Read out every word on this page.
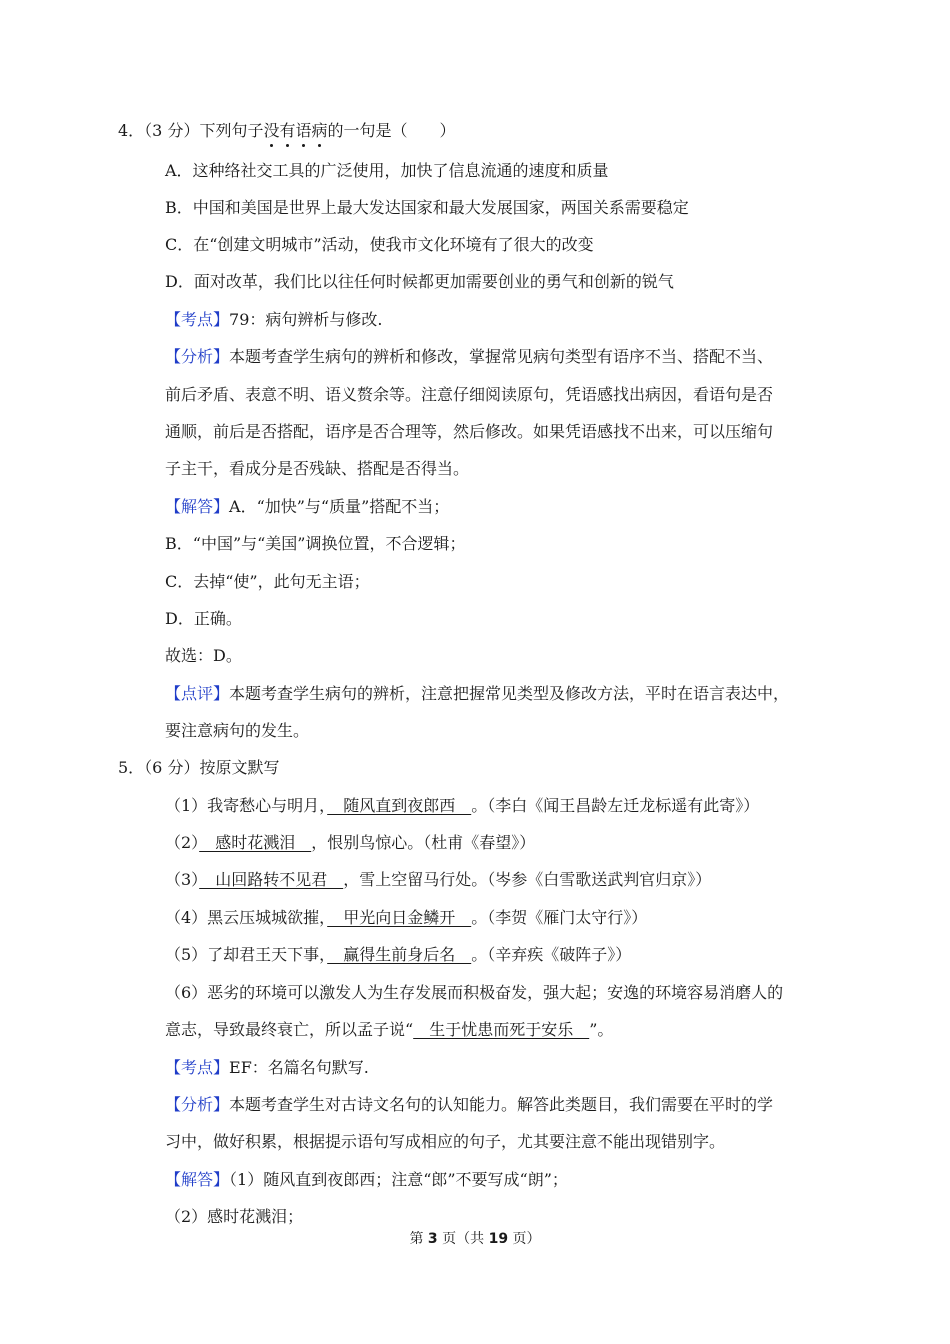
4．（3 分）下列句子没有语病的一句是（　　）
A．这种络社交工具的广泛使用，加快了信息流通的速度和质量
B．中国和美国是世界上最大发达国家和最大发展国家，两国关系需要稳定
C．在“创建文明城市”活动，使我市文化环境有了很大的改变
D．面对改革，我们比以往任何时候都更加需要创业的勇气和创新的锐气
【考点】79：病句辨析与修改.
【分析】本题考查学生病句的辨析和修改，掌握常见病句类型有语序不当、搭配不当、
前后矛盾、表意不明、语义赘余等。注意仔细阅读原句，凭语感找出病因，看语句是否
通顺，前后是否搭配，语序是否合理等，然后修改。如果凭语感找不出来，可以压缩句
子主干，看成分是否残缺、搭配是否得当。
【解答】A．“加快”与“质量”搭配不当；
B．“中国”与“美国”调换位置，不合逻辑；
C．去掉“使”，此句无主语；
D．正确。
故选：D。
【点评】本题考查学生病句的辨析，注意把握常见类型及修改方法，平时在语言表达中，
要注意病句的发生。
5．（6 分）按原文默写
（1）我寄愁心与明月，　随风直到夜郎西　。（李白《闻王昌龄左迁龙标遥有此寄》）
（2）　感时花溅泪　，恨别鸟惊心。（杜甫《春望》）
（3）　山回路转不见君　，雪上空留马行处。（岑参《白雪歌送武判官归京》）
（4）黑云压城城欲摧，　甲光向日金鳞开　。（李贺《雁门太守行》）
（5）了却君王天下事，　赢得生前身后名　。（辛弃疾《破阵子》）
（6）恶劣的环境可以激发人为生存发展而积极奋发，强大起；安逸的环境容易消磨人的
意志，导致最终衰亡，所以孟子说“　生于忧患而死于安乐　”。
【考点】EF：名篇名句默写.
【分析】本题考查学生对古诗文名句的认知能力。解答此类题目，我们需要在平时的学
习中，做好积累，根据提示语句写成相应的句子，尤其要注意不能出现错别字。
【解答】（1）随风直到夜郎西；注意“郎”不要写成“朗”；
（2）感时花溅泪；
第 3 页（共 19 页）
